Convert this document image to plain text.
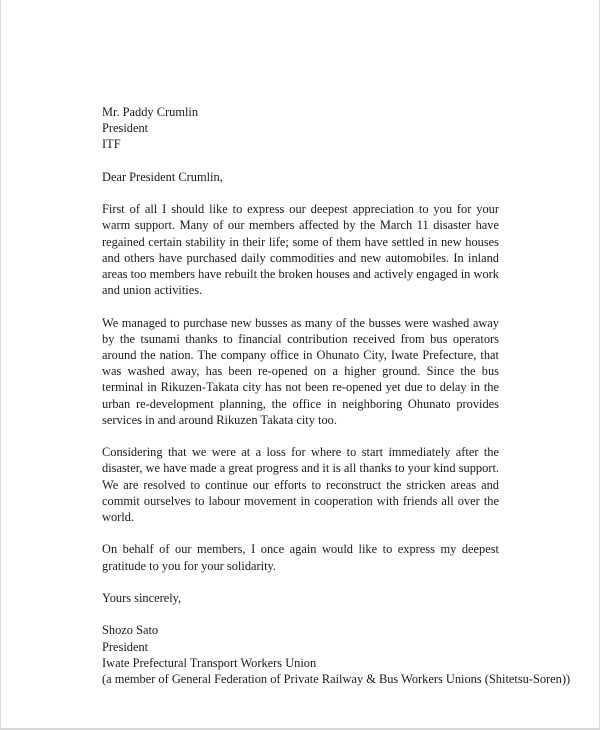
Mr. Paddy Crumlin
President
ITF

Dear President Crumlin,

First of all I should like to express our deepest appreciation to you for your warm support. Many of our members affected by the March 11 disaster have regained certain stability in their life; some of them have settled in new houses and others have purchased daily commodities and new automobiles. In inland areas too members have rebuilt the broken houses and actively engaged in work and union activities.

We managed to purchase new busses as many of the busses were washed away by the tsunami thanks to financial contribution received from bus operators around the nation. The company office in Ohunato City, Iwate Prefecture, that was washed away, has been re-opened on a higher ground. Since the bus terminal in Rikuzen-Takata city has not been re-opened yet due to delay in the urban re-development planning, the office in neighboring Ohunato provides services in and around Rikuzen Takata city too.

Considering that we were at a loss for where to start immediately after the disaster, we have made a great progress and it is all thanks to your kind support. We are resolved to continue our efforts to reconstruct the stricken areas and commit ourselves to labour movement in cooperation with friends all over the world.

On behalf of our members, I once again would like to express my deepest gratitude to you for your solidarity.

Yours sincerely,

Shozo Sato
President
Iwate Prefectural Transport Workers Union
(a member of General Federation of Private Railway & Bus Workers Unions (Shitetsu-Soren))
